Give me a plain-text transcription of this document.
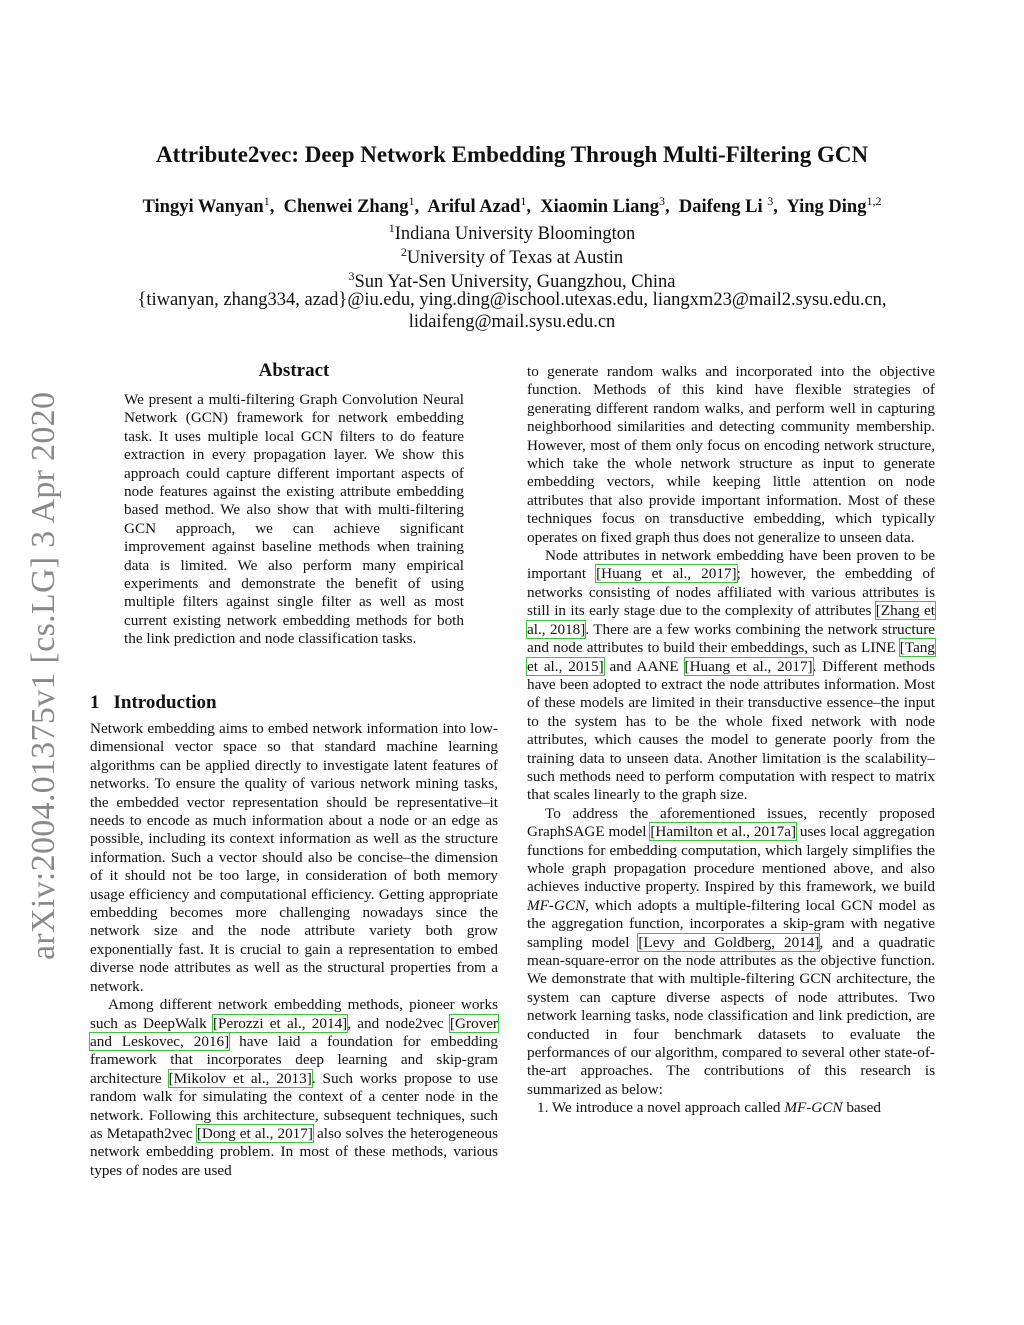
arXiv:2004.01375v1 [cs.LG] 3 Apr 2020
Attribute2vec: Deep Network Embedding Through Multi-Filtering GCN
Tingyi Wanyan$^1$ , Chenwei Zhang$^1$ , Ariful Azad$^1$ , Xiaomin Liang$^3$ , Daifeng Li $^3$ , Ying Ding$^{1,2}$
$^1$Indiana University Bloomington
$^2$University of Texas at Austin
$^3$Sun Yat-Sen University, Guangzhou, China
{tiwanyan, zhang334, azad}@iu.edu, ying.ding@ischool.utexas.edu, liangxm23@mail2.sysu.edu.cn,
lidaifeng@mail.sysu.edu.cn
Abstract

We present a multi-filtering Graph Convolution Neural Network (GCN) framework for network embedding task. It uses multiple local GCN filters to do feature extraction in every propagation layer. We show this approach could capture different important aspects of node features against the existing attribute embedding based method. We also show that with multi-filtering GCN approach, we can achieve significant improvement against baseline methods when training data is limited. We also perform many empirical experiments and demonstrate the benefit of using multiple filters against single filter as well as most current existing network embedding methods for both the link prediction and node classification tasks.

1 Introduction

Network embedding aims to embed network information into low-dimensional vector space so that standard machine learning algorithms can be applied directly to investigate latent features of networks. To ensure the quality of various network mining tasks, the embedded vector representation should be representative–it needs to encode as much information about a node or an edge as possible, including its context information as well as the structure information. Such a vector should also be concise–the dimension of it should not be too large, in consideration of both memory usage efficiency and computational efficiency. Getting appropriate embedding becomes more challenging nowadays since the network size and the node attribute variety both grow exponentially fast. It is crucial to gain a representation to embed diverse node attributes as well as the structural properties from a network.

Among different network embedding methods, pioneer works such as DeepWalk [Perozzi et al., 2014], and node2vec [Grover and Leskovec, 2016] have laid a foundation for embedding framework that incorporates deep learning and skip-gram architecture [Mikolov et al., 2013]. Such works propose to use random walk for simulating the context of a center node in the network. Following this architecture, subsequent techniques, such as Metapath2vec [Dong et al., 2017] also solves the heterogeneous network embedding problem. In most of these methods, various types of nodes are used

to generate random walks and incorporated into the objective function. Methods of this kind have flexible strategies of generating different random walks, and perform well in capturing neighborhood similarities and detecting community membership. However, most of them only focus on encoding network structure, which take the whole network structure as input to generate embedding vectors, while keeping little attention on node attributes that also provide important information. Most of these techniques focus on transductive embedding, which typically operates on fixed graph thus does not generalize to unseen data.

Node attributes in network embedding have been proven to be important [Huang et al., 2017]; however, the embedding of networks consisting of nodes affiliated with various attributes is still in its early stage due to the complexity of attributes [Zhang et al., 2018]. There are a few works combining the network structure and node attributes to build their embeddings, such as LINE [Tang et al., 2015] and AANE [Huang et al., 2017]. Different methods have been adopted to extract the node attributes information. Most of these models are limited in their transductive essence–the input to the system has to be the whole fixed network with node attributes, which causes the model to generate poorly from the training data to unseen data. Another limitation is the scalability–such methods need to perform computation with respect to matrix that scales linearly to the graph size.

To address the aforementioned issues, recently proposed GraphSAGE model [Hamilton et al., 2017a] uses local aggregation functions for embedding computation, which largely simplifies the whole graph propagation procedure mentioned above, and also achieves inductive property. Inspired by this framework, we build MF-GCN, which adopts a multiple-filtering local GCN model as the aggregation function, incorporates a skip-gram with negative sampling model [Levy and Goldberg, 2014], and a quadratic mean-square-error on the node attributes as the objective function. We demonstrate that with multiple-filtering GCN architecture, the system can capture diverse aspects of node attributes. Two network learning tasks, node classification and link prediction, are conducted in four benchmark datasets to evaluate the performances of our algorithm, compared to several other state-of-the-art approaches. The contributions of this research is summarized as below:

1. We introduce a novel approach called MF-GCN based
